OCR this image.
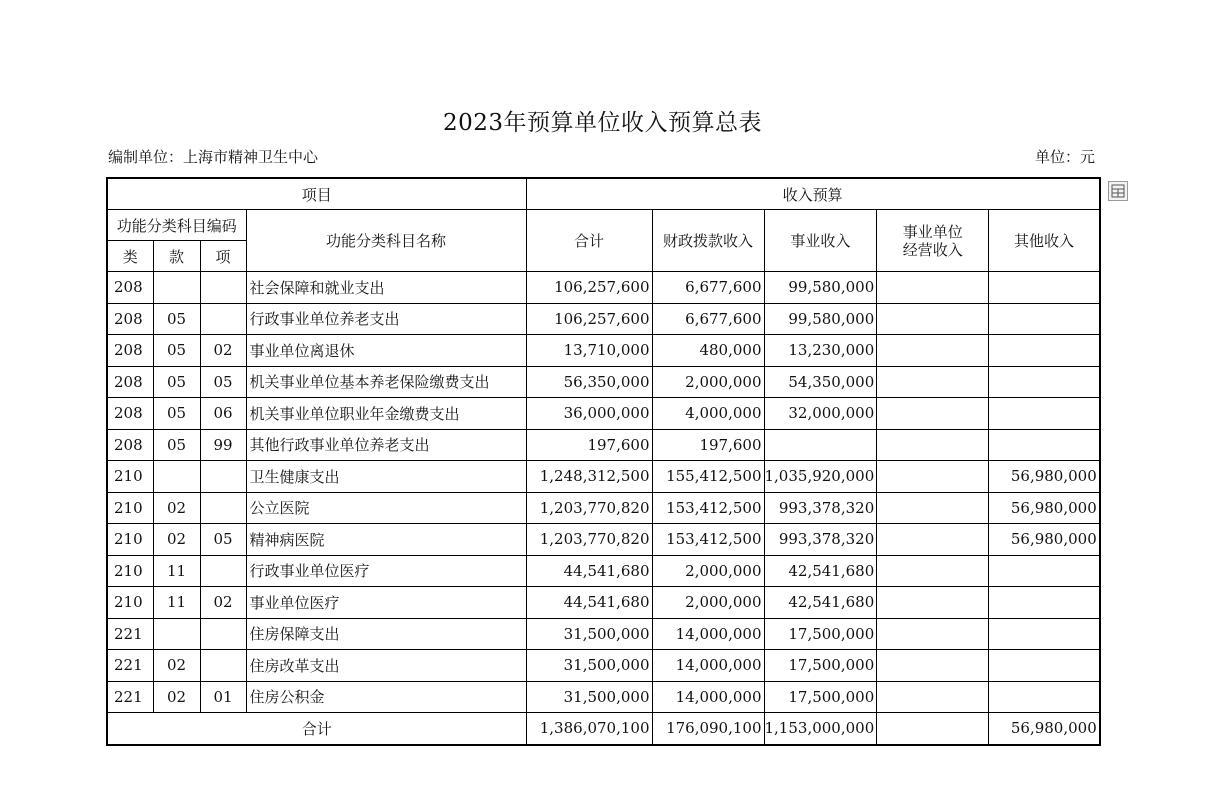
2023年预算单位收入预算总表
编制单位：上海市精神卫生中心	单位：元
项目				收入预算				
功能分类科目编码			功能分类科目名称	合计	财政拨款收入	事业收入	事业单位经营收入	其他收入
类	款	项						
208			社会保障和就业支出	106,257,600	6,677,600	99,580,000		
208	05		行政事业单位养老支出	106,257,600	6,677,600	99,580,000		
208	05	02	事业单位离退休	13,710,000	480,000	13,230,000		
208	05	05	机关事业单位基本养老保险缴费支出	56,350,000	2,000,000	54,350,000		
208	05	06	机关事业单位职业年金缴费支出	36,000,000	4,000,000	32,000,000		
208	05	99	其他行政事业单位养老支出	197,600	197,600			
210			卫生健康支出	1,248,312,500	155,412,500	1,035,920,000		56,980,000
210	02		公立医院	1,203,770,820	153,412,500	993,378,320		56,980,000
210	02	05	精神病医院	1,203,770,820	153,412,500	993,378,320		56,980,000
210	11		行政事业单位医疗	44,541,680	2,000,000	42,541,680		
210	11	02	事业单位医疗	44,541,680	2,000,000	42,541,680		
221			住房保障支出	31,500,000	14,000,000	17,500,000		
221	02		住房改革支出	31,500,000	14,000,000	17,500,000		
221	02	01	住房公积金	31,500,000	14,000,000	17,500,000		
合计				1,386,070,100	176,090,100	1,153,000,000		56,980,000
